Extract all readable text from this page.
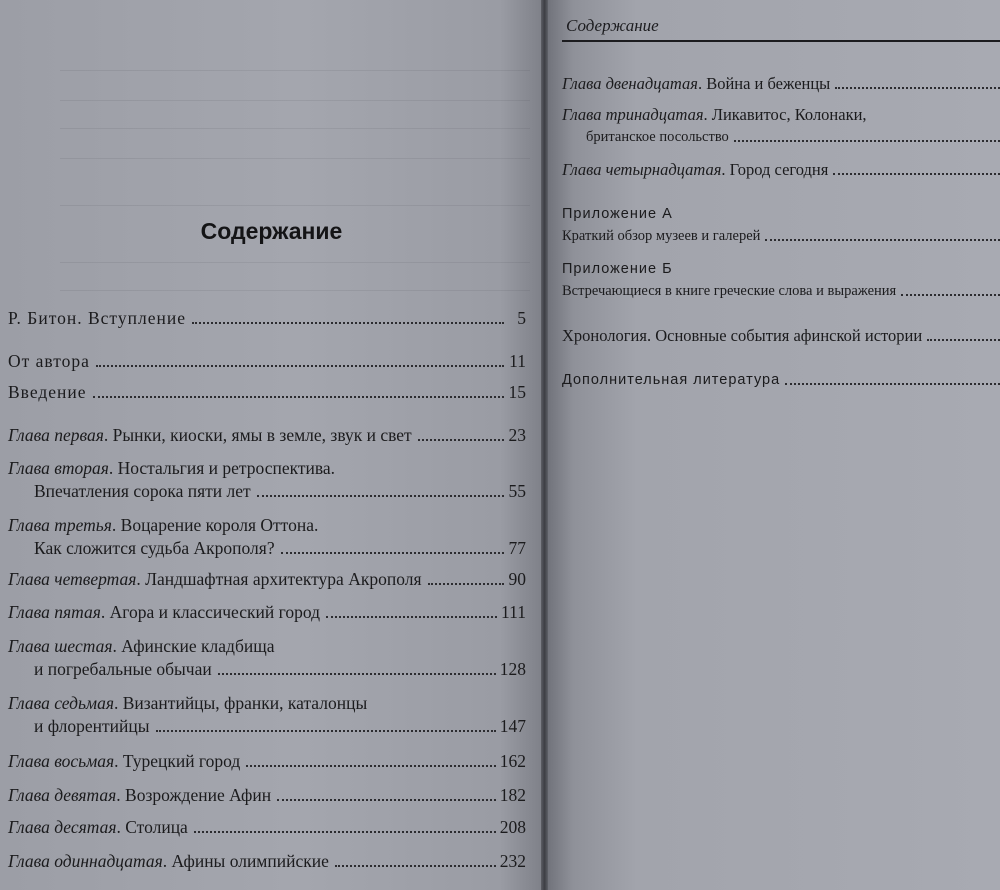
Содержание
Р. Битон. Вступление	5
От автора	11
Введение	15
Глава первая . Рынки, киоски, ямы в земле, звук и свет	23
Глава вторая . Ностальгия и ретроспектива.
Впечатления сорока пяти лет	55
Глава третья . Воцарение короля Оттона.
Как сложится судьба Акрополя?	77
Глава четвертая . Ландшафтная архитектура Акрополя	90
Глава пятая . Агора и классический город	111
Глава шестая . Афинские кладбища
и погребальные обычаи	128
Глава седьмая . Византийцы, франки, каталонцы
и флорентийцы	147
Глава восьмая . Турецкий город	162
Глава девятая . Возрождение Афин	182
Глава десятая . Столица	208
Глава одиннадцатая . Афины олимпийские	232
Содержание
Глава двенадцатая . Война и беженцы
Глава тринадцатая . Ликавитос, Колонаки,
британское посольство
Глава четырнадцатая . Город сегодня
Приложение А
Краткий обзор музеев и галерей
Приложение Б
Встречающиеся в книге греческие слова и выражения
Хронология. Основные события афинской истории
Дополнительная литература
